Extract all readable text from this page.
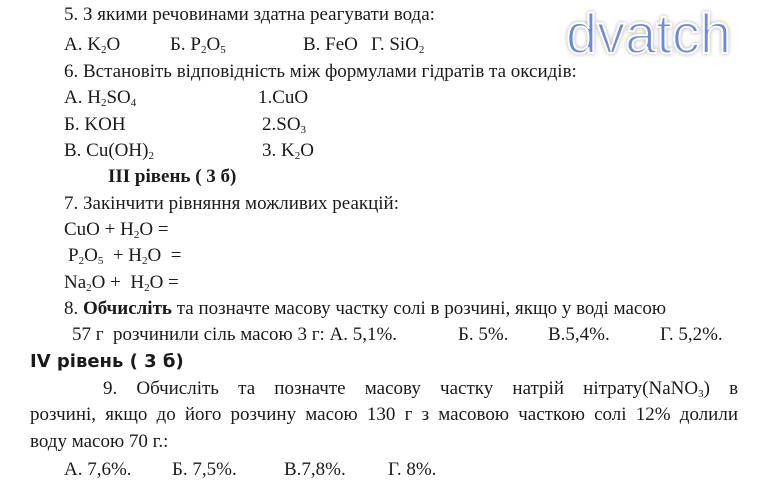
dvatch
5. З якими речовинами здатна реагувати вода:
А. $K_2O$	Б. $P_2O_5$	В. FeO Г. SiO$_2$
6. Встановіть відповідність між формулами гідратів та оксидів:
А. $H_2SO_4$	1.CuO
Б. KOH	$2.SO_3$
В. $Cu(OH)_2$	3. $K_2O$
III рівень ( 3 б)
7. Закінчити рівняння можливих реакцій:
CuO + $H_2O$ =
$P_2O_5 + H_2O$  =
$Na_2O + H_2O$ =
8. Обчисліть та позначте масову частку солі в розчині, якщо у воді масою
57 г  розчинили сіль масою 3 г: А. 5,1%.	Б. 5%. В.5,4%.	Г. 5,2%.
IV рівень ( 3 б)
9. Обчисліть та позначте масову частку натрій нітрату(NaNO$_3$) в
розчині, якщо до його розчину масою 130 г з масовою часткою солі 12% долили
воду масою 70 г.:
А. 7,6%. Б. 7,5%. В.7,8%. Г. 8%.
